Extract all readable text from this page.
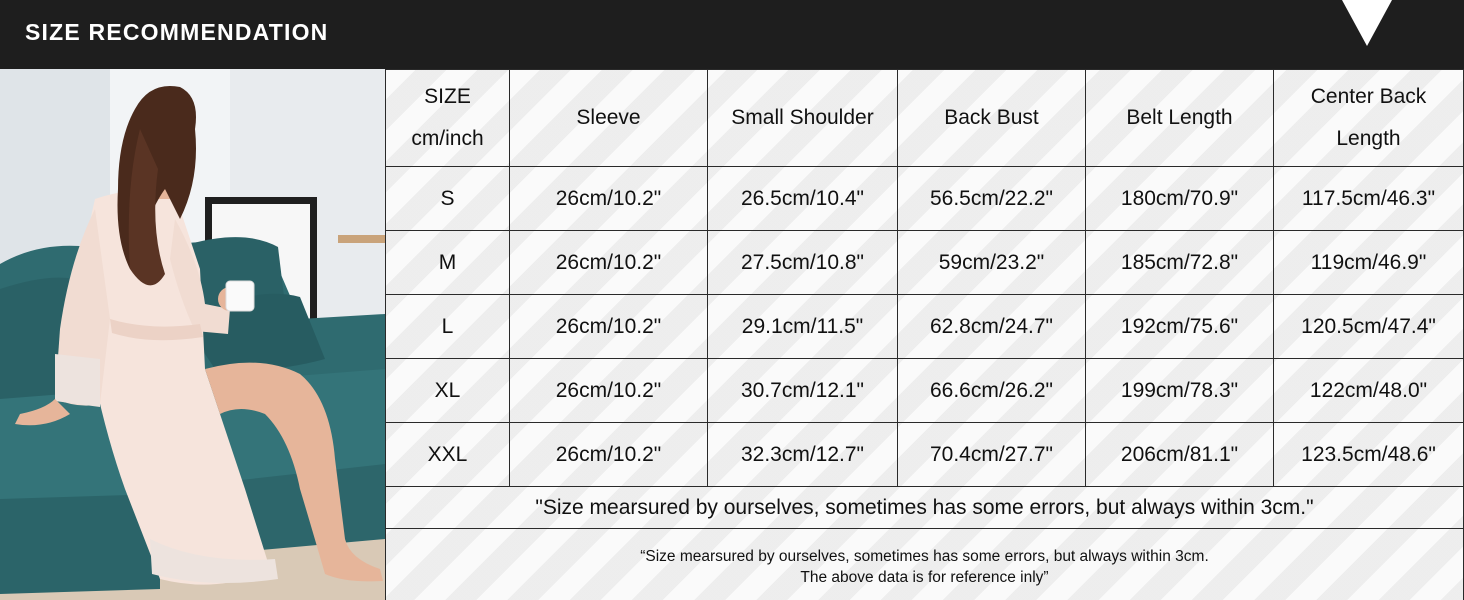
SIZE RECOMMENDATION
SIZE
cm/inch	Sleeve	Small Shoulder	Back Bust	Belt Length	Center Back
Length
S	26cm/10.2"	26.5cm/10.4"	56.5cm/22.2"	180cm/70.9"	117.5cm/46.3"
M	26cm/10.2"	27.5cm/10.8"	59cm/23.2"	185cm/72.8"	119cm/46.9"
L	26cm/10.2"	29.1cm/11.5"	62.8cm/24.7"	192cm/75.6"	120.5cm/47.4"
XL	26cm/10.2"	30.7cm/12.1"	66.6cm/26.2"	199cm/78.3"	122cm/48.0"
XXL	26cm/10.2"	32.3cm/12.7"	70.4cm/27.7"	206cm/81.1"	123.5cm/48.6"
"Size mearsured by ourselves, sometimes has some errors, but always within 3cm."					

“Size mearsured by ourselves, sometimes has some errors, but always within 3cm.
The above data is for reference inly”					
